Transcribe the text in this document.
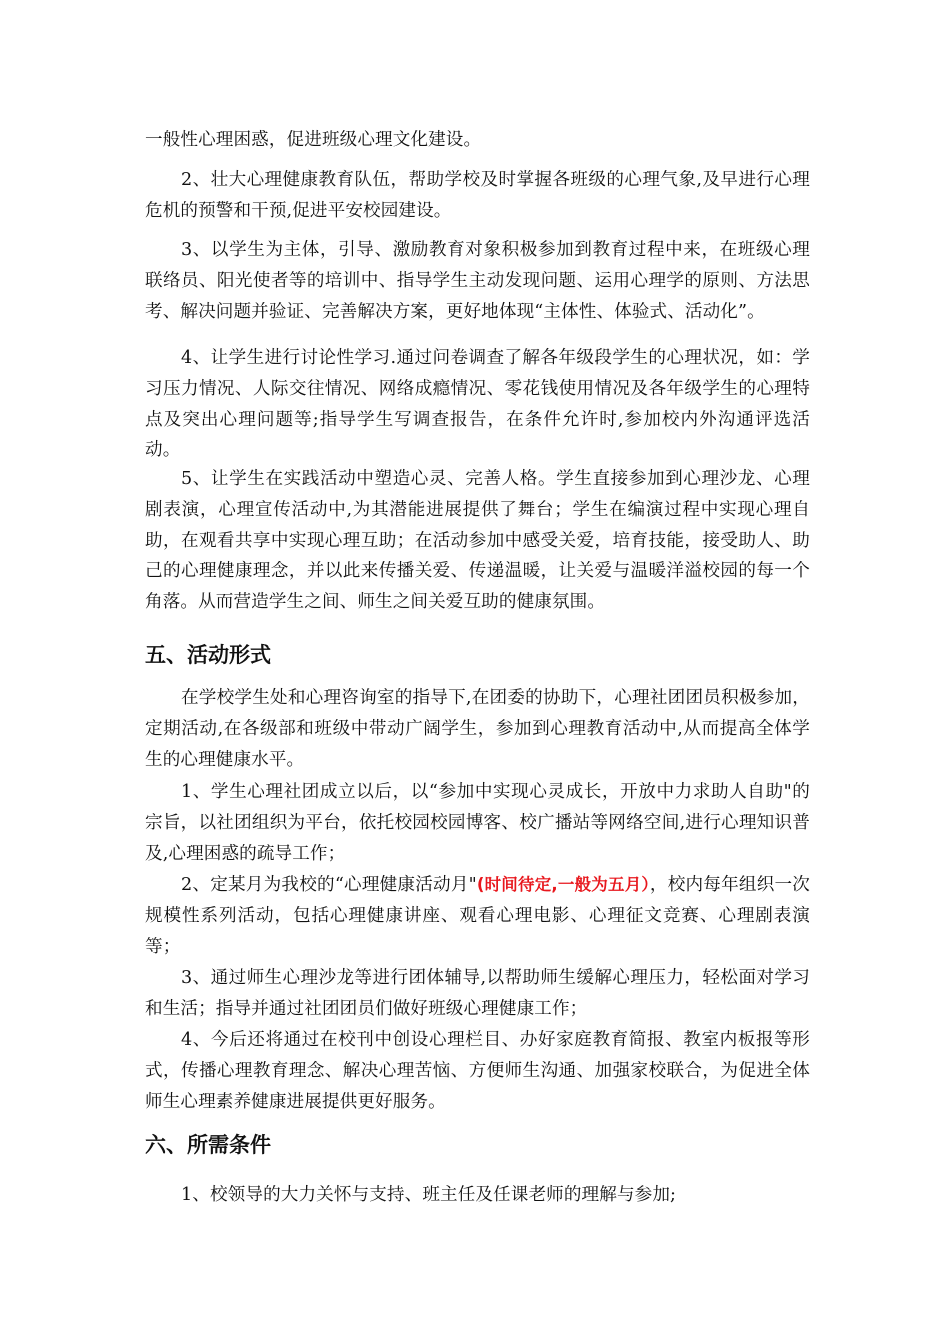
一般性心理困惑，促进班级心理文化建设。

2、壮大心理健康教育队伍，帮助学校及时掌握各班级的心理气象,及早进行心理危机的预警和干预,促进平安校园建设。

3、以学生为主体，引导、激励教育对象积极参加到教育过程中来，在班级心理联络员、阳光使者等的培训中、指导学生主动发现问题、运用心理学的原则、方法思考、解决问题并验证、完善解决方案，更好地体现“主体性、体验式、活动化”。

4、让学生进行讨论性学习.通过问卷调查了解各年级段学生的心理状况，如：学习压力情况、人际交往情况、网络成瘾情况、零花钱使用情况及各年级学生的心理特点及突出心理问题等;指导学生写调查报告，在条件允许时,参加校内外沟通评选活动。

5、让学生在实践活动中塑造心灵、完善人格。学生直接参加到心理沙龙、心理剧表演，心理宣传活动中,为其潜能进展提供了舞台；学生在编演过程中实现心理自助，在观看共享中实现心理互助；在活动参加中感受关爱，培育技能，接受助人、助己的心理健康理念，并以此来传播关爱、传递温暖，让关爱与温暖洋溢校园的每一个角落。从而营造学生之间、师生之间关爱互助的健康氛围。

五、活动形式

在学校学生处和心理咨询室的指导下,在团委的协助下，心理社团团员积极参加，定期活动,在各级部和班级中带动广阔学生，参加到心理教育活动中,从而提高全体学生的心理健康水平。

1、学生心理社团成立以后，以“参加中实现心灵成长，开放中力求助人自助"的宗旨，以社团组织为平台，依托校园校园博客、校广播站等网络空间,进行心理知识普及,心理困惑的疏导工作；

2、定某月为我校的“心理健康活动月"(时间待定,一般为五月），校内每年组织一次规模性系列活动，包括心理健康讲座、观看心理电影、心理征文竞赛、心理剧表演等；

3、通过师生心理沙龙等进行团体辅导,以帮助师生缓解心理压力，轻松面对学习和生活；指导并通过社团团员们做好班级心理健康工作；

4、今后还将通过在校刊中创设心理栏目、办好家庭教育简报、教室内板报等形式，传播心理教育理念、解决心理苦恼、方便师生沟通、加强家校联合，为促进全体师生心理素养健康进展提供更好服务。

六、所需条件

1、校领导的大力关怀与支持、班主任及任课老师的理解与参加;
